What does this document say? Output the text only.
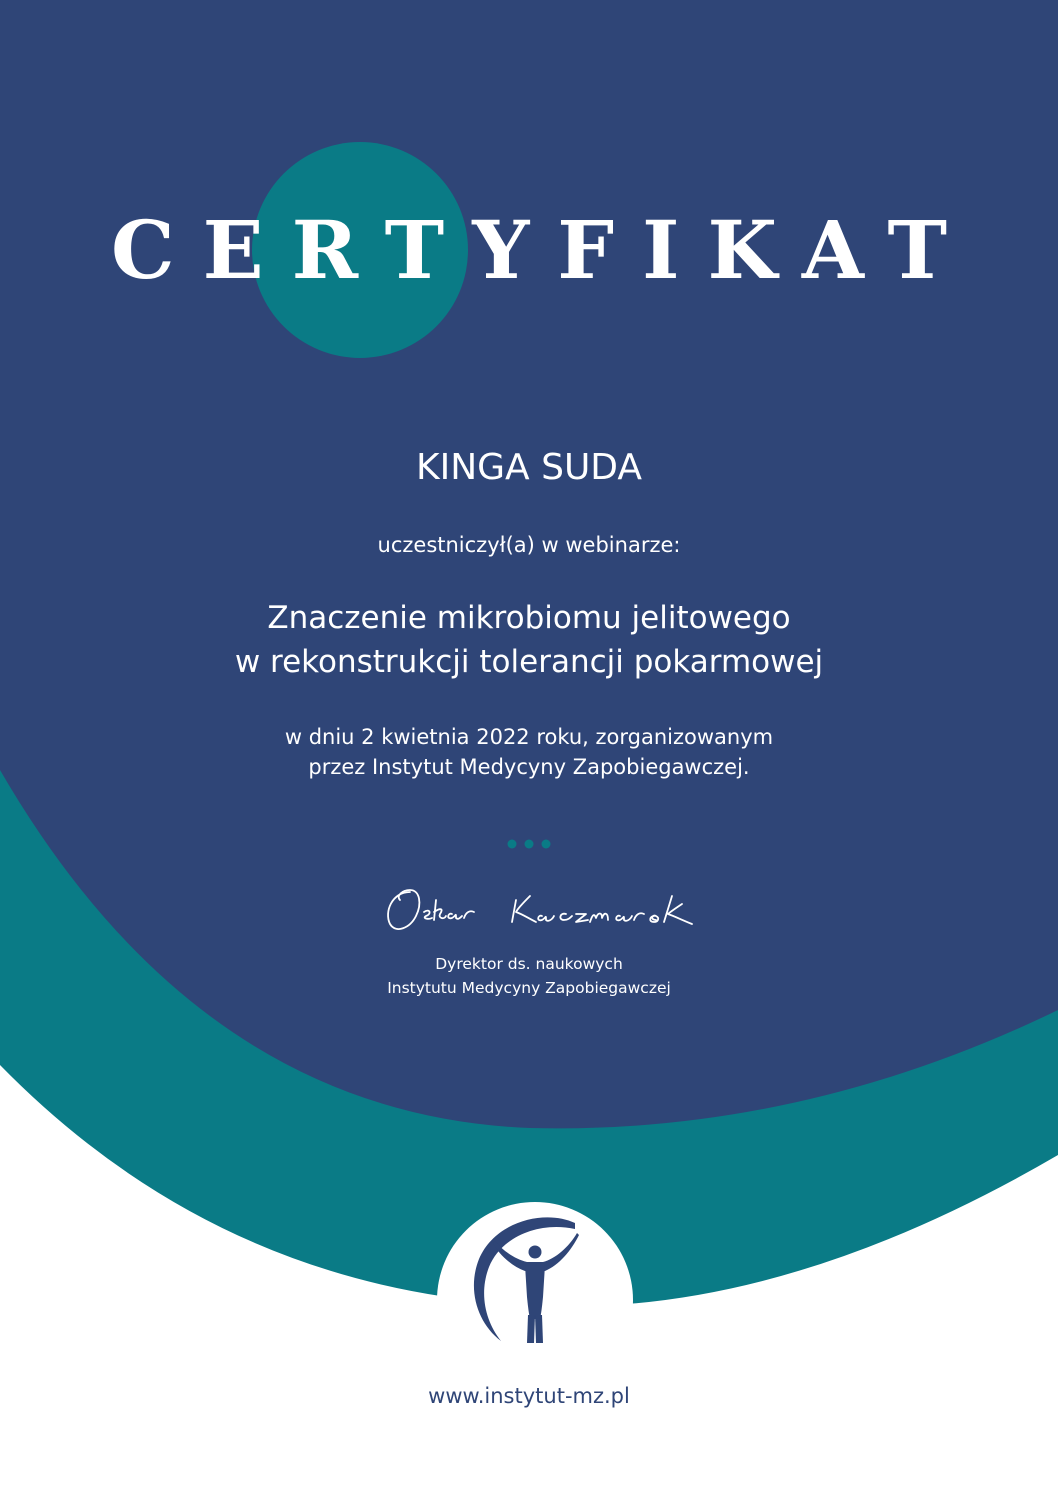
CERTYFIKAT
KINGA SUDA
uczestniczył(a) w webinarze:
Znaczenie mikrobiomu jelitowego
w rekonstrukcji tolerancji pokarmowej
w dniu 2 kwietnia 2022 roku, zorganizowanym
przez Instytut Medycyny Zapobiegawczej.
Dyrektor ds. naukowych
Instytutu Medycyny Zapobiegawczej
www.instytut-mz.pl
